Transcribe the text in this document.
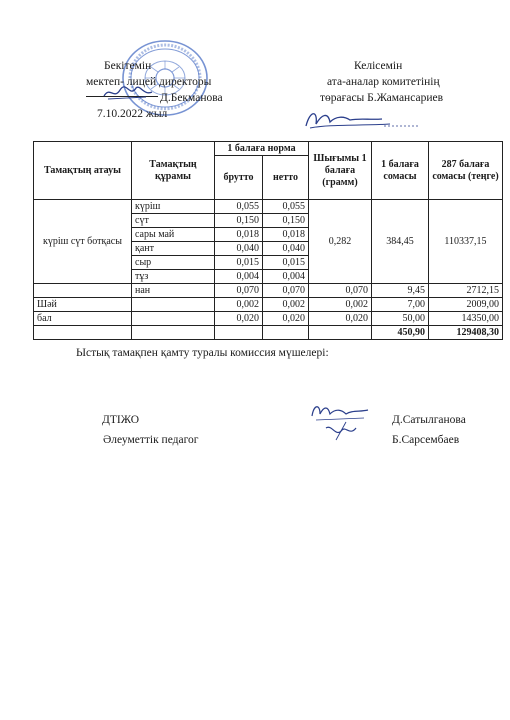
Бекітемін
мектеп- лицей директоры
Д.Бекманова
7.10.2022 жыл
Келісемін
ата-аналар комитетінің
төрағасы Б.Жамансариев
Тамақтың атауы	Тамақтың құрамы	1 балаға норма		Шығымы 1 балаға (грамм)	1 балаға сомасы	287 балаға сомасы (теңге)
		брутто	нетто			
күріш сүт ботқасы	күріш	0,055	0,055	0,282	384,45	110337,15
	сүт	0,150	0,150			
	сары май	0,018	0,018			
	қант	0,040	0,040			
	сыр	0,015	0,015			
	тұз	0,004	0,004			
	нан	0,070	0,070	0,070	9,45	2712,15
Шәй		0,002	0,002	0,002	7,00	2009,00
бал		0,020	0,020	0,020	50,00	14350,00
					450,90	129408,30
Ыстық тамақпен қамту туралы комиссия мүшелері:
ДТІЖО	Д.Сатылганова
Әлеуметтік педагог	Б.Сарсембаев
